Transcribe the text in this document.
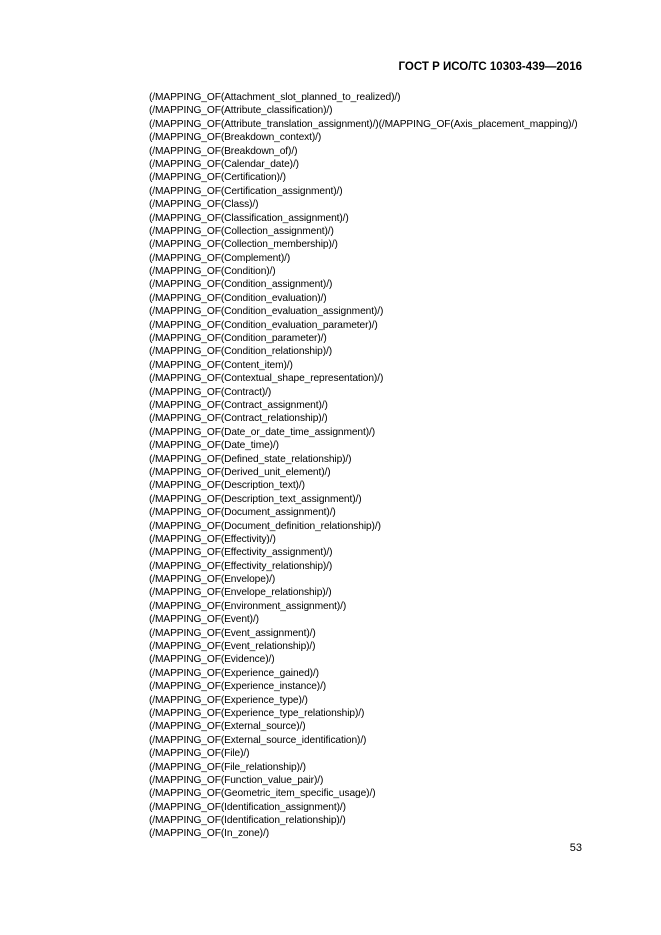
ГОСТ Р ИСО/ТС 10303-439—2016
(/MAPPING_OF(Attachment_slot_planned_to_realized)/)
(/MAPPING_OF(Attribute_classification)/)
(/MAPPING_OF(Attribute_translation_assignment)/)(/MAPPING_OF(Axis_placement_mapping)/)
(/MAPPING_OF(Breakdown_context)/)
(/MAPPING_OF(Breakdown_of)/)
(/MAPPING_OF(Calendar_date)/)
(/MAPPING_OF(Certification)/)
(/MAPPING_OF(Certification_assignment)/)
(/MAPPING_OF(Class)/)
(/MAPPING_OF(Classification_assignment)/)
(/MAPPING_OF(Collection_assignment)/)
(/MAPPING_OF(Collection_membership)/)
(/MAPPING_OF(Complement)/)
(/MAPPING_OF(Condition)/)
(/MAPPING_OF(Condition_assignment)/)
(/MAPPING_OF(Condition_evaluation)/)
(/MAPPING_OF(Condition_evaluation_assignment)/)
(/MAPPING_OF(Condition_evaluation_parameter)/)
(/MAPPING_OF(Condition_parameter)/)
(/MAPPING_OF(Condition_relationship)/)
(/MAPPING_OF(Content_item)/)
(/MAPPING_OF(Contextual_shape_representation)/)
(/MAPPING_OF(Contract)/)
(/MAPPING_OF(Contract_assignment)/)
(/MAPPING_OF(Contract_relationship)/)
(/MAPPING_OF(Date_or_date_time_assignment)/)
(/MAPPING_OF(Date_time)/)
(/MAPPING_OF(Defined_state_relationship)/)
(/MAPPING_OF(Derived_unit_element)/)
(/MAPPING_OF(Description_text)/)
(/MAPPING_OF(Description_text_assignment)/)
(/MAPPING_OF(Document_assignment)/)
(/MAPPING_OF(Document_definition_relationship)/)
(/MAPPING_OF(Effectivity)/)
(/MAPPING_OF(Effectivity_assignment)/)
(/MAPPING_OF(Effectivity_relationship)/)
(/MAPPING_OF(Envelope)/)
(/MAPPING_OF(Envelope_relationship)/)
(/MAPPING_OF(Environment_assignment)/)
(/MAPPING_OF(Event)/)
(/MAPPING_OF(Event_assignment)/)
(/MAPPING_OF(Event_relationship)/)
(/MAPPING_OF(Evidence)/)
(/MAPPING_OF(Experience_gained)/)
(/MAPPING_OF(Experience_instance)/)
(/MAPPING_OF(Experience_type)/)
(/MAPPING_OF(Experience_type_relationship)/)
(/MAPPING_OF(External_source)/)
(/MAPPING_OF(External_source_identification)/)
(/MAPPING_OF(File)/)
(/MAPPING_OF(File_relationship)/)
(/MAPPING_OF(Function_value_pair)/)
(/MAPPING_OF(Geometric_item_specific_usage)/)
(/MAPPING_OF(Identification_assignment)/)
(/MAPPING_OF(Identification_relationship)/)
(/MAPPING_OF(In_zone)/)
53
